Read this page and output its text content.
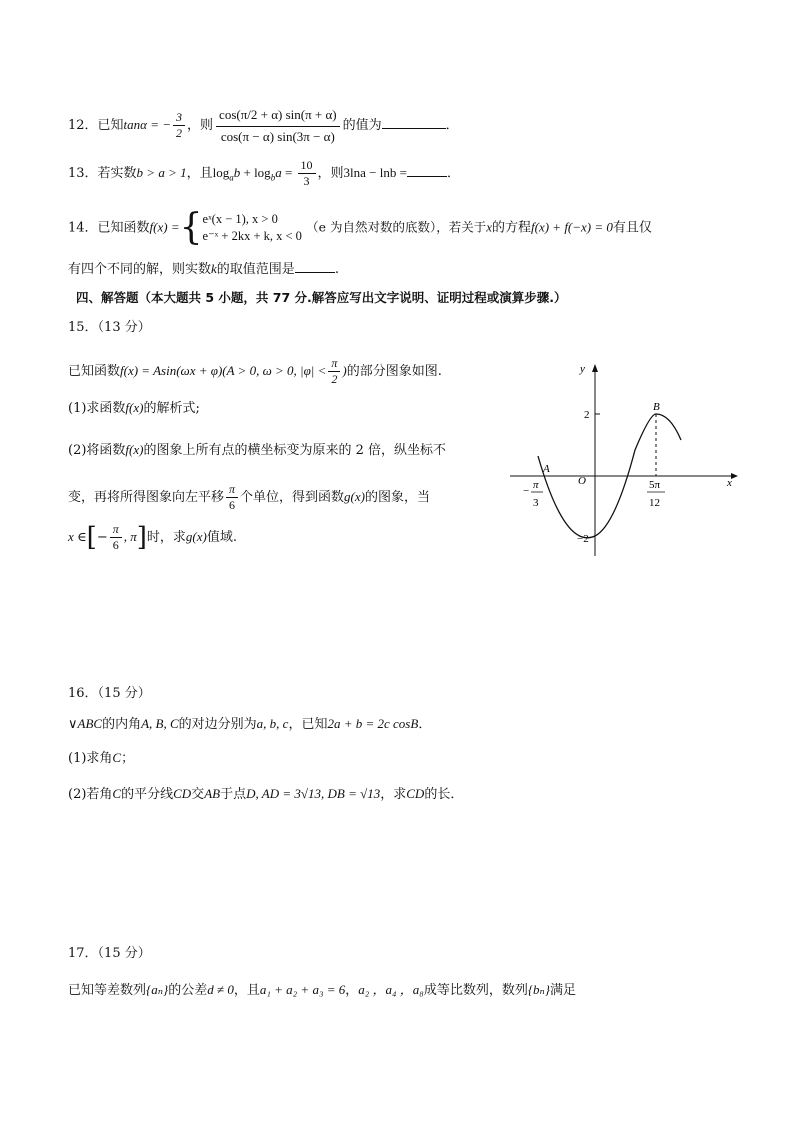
12．已知tanα = − $\frac{3}{2}$ ，则 $\frac{\cos(\pi/2 + \alpha) \sin(\pi + \alpha)}{\cos(\pi - \alpha) \sin(3\pi - \alpha)}$ 的值为	．
13．若实数b > a > 1，且$\log_ab + \log_ba = \frac{10}{3}$ ，则3lna − lnb =	．
14．已知函数f(x) ={ eˣ(x − 1), x > 0
e⁻ˣ + 2kx + k, x < 0
（e 为自然对数的底数），若关于x的方程f(x) + f(−x) = 0有且仅
有四个不同的解，则实数k的取值范围是	.
四、解答题（本大题共 5 小题，共 77 分.解答应写出文字说明、证明过程或演算步骤.）
15．（13 分）
已知函数f(x) = Asin(ωx + φ)(A > 0, ω > 0, $|\varphi| < \frac{\pi}{2}$ )的部分图象如图.
(1)求函数f(x)的解析式;
(2)将函数f(x)的图象上所有点的横坐标变为原来的 2 倍，纵坐标不
变，再将所得图象向左平移 $\frac{\pi}{6}$ 个单位，得到函数g(x)的图象，当
x ∈[− $\frac{\pi}{6}$ , π]时，求g(x)值域.
y
x
O
2
−2
A
B
− π
3
5π
12
16．（15 分）
∨ABC的内角A, B, C的对边分别为a, b, c，已知2a + b = 2c cosB．
(1)求角C；
(2)若角C的平分线CD交AB于点D, AD = 3√13, DB = √13，求CD的长．
17．（15 分）
已知等差数列{aₙ}的公差d ≠ 0，且a₁ + a₂ + a₃ = 6，a₂ ，a₄ ，a₈成等比数列，数列{bₙ}满足
